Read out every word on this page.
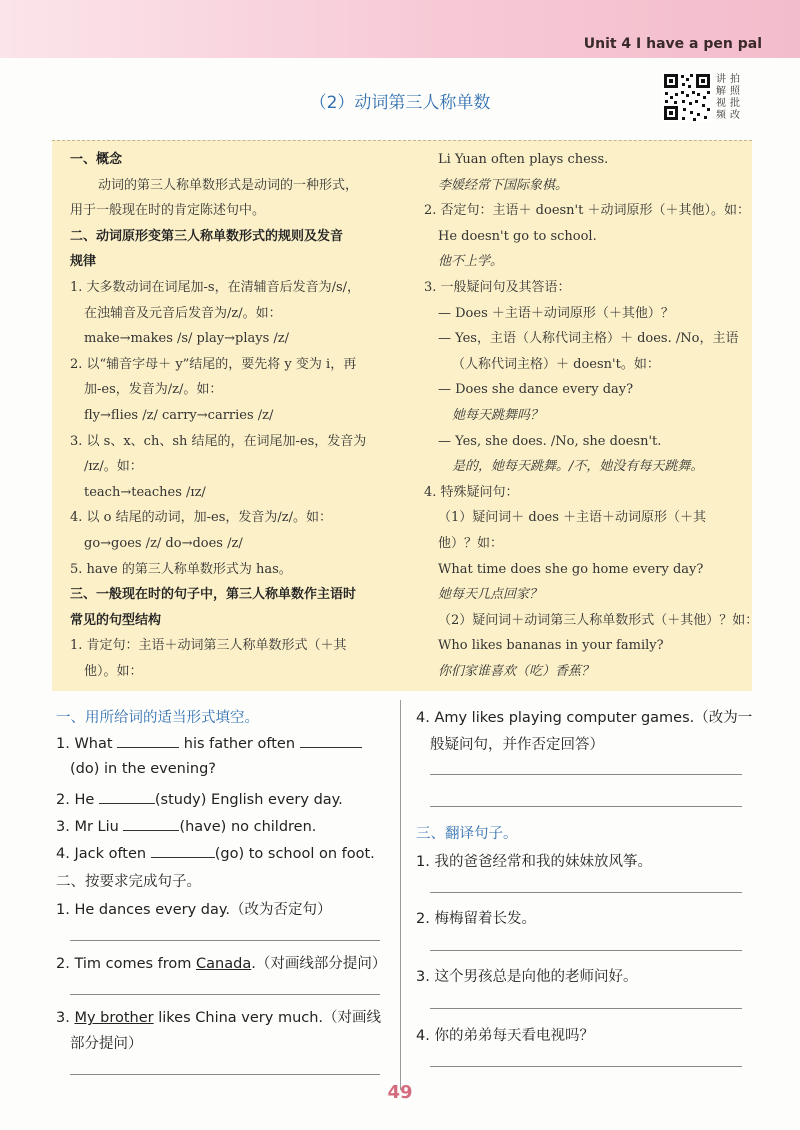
Unit 4 I have a pen pal
（2）动词第三人称单数
讲
解
视
频
拍
照
批
改
一、概念
动词的第三人称单数形式是动词的一种形式，
用于一般现在时的肯定陈述句中。
二、动词原形变第三人称单数形式的规则及发音
规律
1. 大多数动词在词尾加-s，在清辅音后发音为/s/，
在浊辅音及元音后发音为/z/。如：
make→makes /s/ play→plays /z/
2. 以“辅音字母＋ y”结尾的，要先将 y 变为 i，再
加-es，发音为/z/。如：
fly→flies /z/ carry→carries /z/
3. 以 s、x、ch、sh 结尾的，在词尾加-es，发音为
/ɪz/。如：
teach→teaches /ɪz/
4. 以 o 结尾的动词，加-es，发音为/z/。如：
go→goes /z/ do→does /z/
5. have 的第三人称单数形式为 has。
三、一般现在时的句子中，第三人称单数作主语时
常见的句型结构
1. 肯定句：主语＋动词第三人称单数形式（＋其
他）。如：
Li Yuan often plays chess.
李媛经常下国际象棋。
2. 否定句：主语＋ doesn't ＋动词原形（＋其他）。如：
He doesn't go to school.
他不上学。
3. 一般疑问句及其答语：
— Does ＋主语＋动词原形（＋其他）？
— Yes，主语（人称代词主格）＋ does. /No，主语
（人称代词主格）＋ doesn't。如：
— Does she dance every day?
她每天跳舞吗？
— Yes, she does. /No, she doesn't.
是的，她每天跳舞。/不，她没有每天跳舞。
4. 特殊疑问句：
（1）疑问词＋ does ＋主语＋动词原形（＋其
他）？如：
What time does she go home every day?
她每天几点回家？
（2）疑问词＋动词第三人称单数形式（＋其他）？如：
Who likes bananas in your family?
你们家谁喜欢（吃）香蕉？
一、用所给词的适当形式填空。
1. What	his father often
(do) in the evening?
2. He	(study) English every day.
3. Mr Liu	(have) no children.
4. Jack often	(go) to school on foot.
二、按要求完成句子。
1. He dances every day.（改为否定句）
2. Tim comes from Canada.（对画线部分提问）
3. My brother likes China very much.（对画线
部分提问）
4. Amy likes playing computer games.（改为一
般疑问句，并作否定回答）
三、翻译句子。
1. 我的爸爸经常和我的妹妹放风筝。
2. 梅梅留着长发。
3. 这个男孩总是向他的老师问好。
4. 你的弟弟每天看电视吗？
49
